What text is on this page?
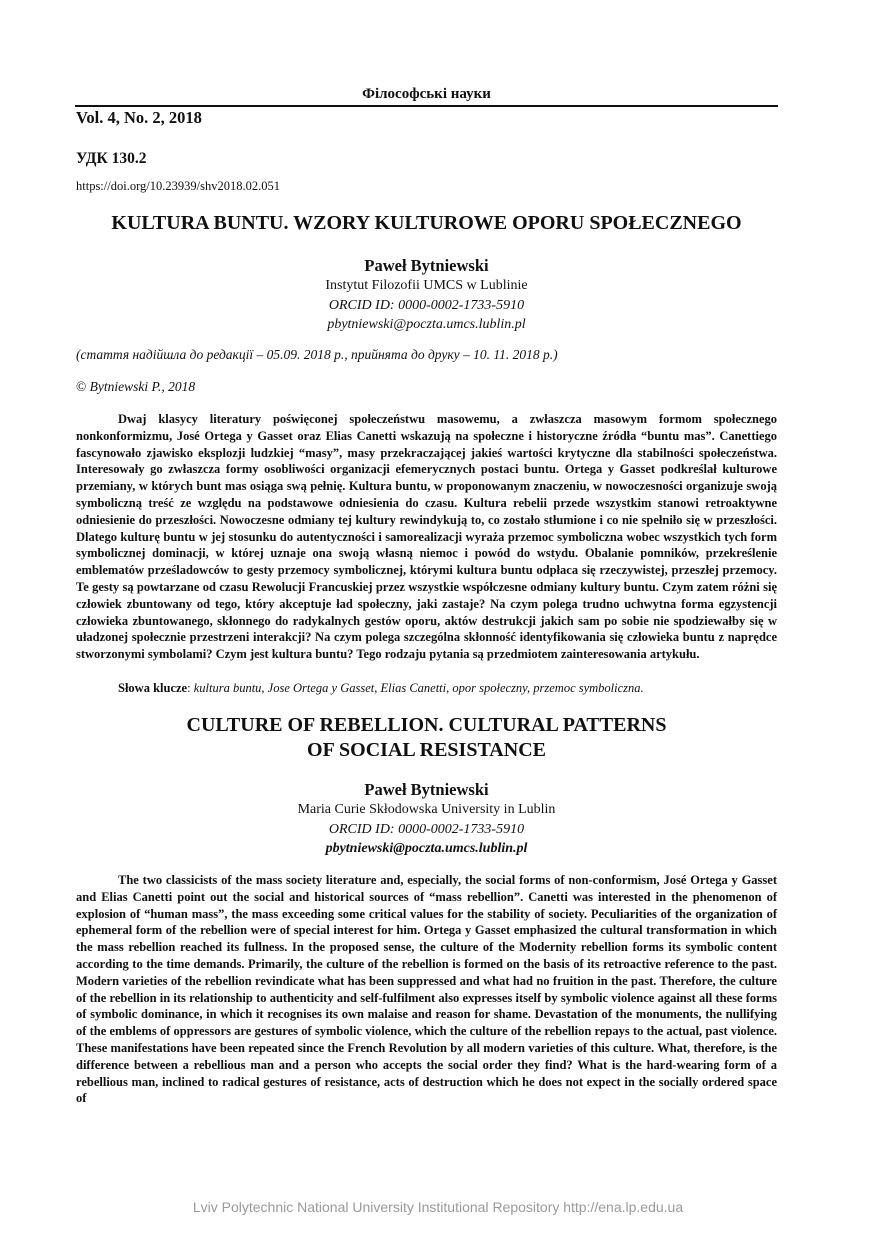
Філософські науки
Vol. 4, No. 2, 2018
УДК 130.2
https://doi.org/10.23939/shv2018.02.051
KULTURA BUNTU. WZORY KULTUROWE OPORU SPOŁECZNEGO
Paweł Bytniewski
Instytut Filozofii UMCS w Lublinie
ORCID ID: 0000-0002-1733-5910
pbytniewski@poczta.umcs.lublin.pl
(стаття надійшла до редакції – 05.09. 2018 р., прийнята до друку – 10. 11. 2018 р.)
© Bytniewski P., 2018

Dwaj klasycy literatury poświęconej społeczeństwu masowemu, a zwłaszcza masowym formom społecznego nonkonformizmu, José Ortega y Gasset oraz Elias Canetti wskazują na społeczne i historyczne źródła “buntu mas”. Canettiego fascynowało zjawisko eksplozji ludzkiej “masy”, masy przekraczającej jakieś wartości krytyczne dla stabilności społeczeństwa. Interesowały go zwłaszcza formy osobliwości organizacji efemerycznych postaci buntu. Ortega y Gasset podkreślał kulturowe przemiany, w których bunt mas osiąga swą pełnię. Kultura buntu, w proponowanym znaczeniu, w nowoczesności organizuje swoją symboliczną treść ze względu na podstawowe odniesienia do czasu. Kultura rebelii przede wszystkim stanowi retroaktywne odniesienie do przeszłości. Nowoczesne odmiany tej kultury rewindykują to, co zostało stłumione i co nie spełniło się w przeszłości. Dlatego kulturę buntu w jej stosunku do autentyczności i samorealizacji wyraża przemoc symboliczna wobec wszystkich tych form symbolicznej dominacji, w której uznaje ona swoją własną niemoc i powód do wstydu. Obalanie pomników, przekreślenie emblematów prześladowców to gesty przemocy symbolicznej, którymi kultura buntu odpłaca się rzeczywistej, przeszłej przemocy. Te gesty są powtarzane od czasu Rewolucji Francuskiej przez wszystkie współczesne odmiany kultury buntu. Czym zatem różni się człowiek zbuntowany od tego, który akceptuje ład społeczny, jaki zastaje? Na czym polega trudno uchwytna forma egzystencji człowieka zbuntowanego, skłonnego do radykalnych gestów oporu, aktów destrukcji jakich sam po sobie nie spodziewałby się w uładzonej społecznie przestrzeni interakcji? Na czym polega szczególna skłonność identyfikowania się człowieka buntu z naprędce stworzonymi symbolami? Czym jest kultura buntu? Tego rodzaju pytania są przedmiotem zainteresowania artykułu.

Słowa klucze: kultura buntu, Jose Ortega y Gasset, Elias Canetti, opor społeczny, przemoc symboliczna.
CULTURE OF REBELLION. CULTURAL PATTERNS
OF SOCIAL RESISTANCE
Paweł Bytniewski
Maria Curie Skłodowska University in Lublin
ORCID ID: 0000-0002-1733-5910
pbytniewski@poczta.umcs.lublin.pl

The two classicists of the mass society literature and, especially, the social forms of non-conformism, José Ortega y Gasset and Elias Canetti point out the social and historical sources of “mass rebellion”. Canetti was interested in the phenomenon of explosion of “human mass”, the mass exceeding some critical values for the stability of society. Peculiarities of the organization of ephemeral form of the rebellion were of special interest for him. Ortega y Gasset emphasized the cultural transformation in which the mass rebellion reached its fullness. In the proposed sense, the culture of the Modernity rebellion forms its symbolic content according to the time demands. Primarily, the culture of the rebellion is formed on the basis of its retroactive reference to the past. Modern varieties of the rebellion revindicate what has been suppressed and what had no fruition in the past. Therefore, the culture of the rebellion in its relationship to authenticity and self-fulfilment also expresses itself by symbolic violence against all these forms of symbolic dominance, in which it recognises its own malaise and reason for shame. Devastation of the monuments, the nullifying of the emblems of oppressors are gestures of symbolic violence, which the culture of the rebellion repays to the actual, past violence. These manifestations have been repeated since the French Revolution by all modern varieties of this culture. What, therefore, is the difference between a rebellious man and a person who accepts the social order they find? What is the hard-wearing form of a rebellious man, inclined to radical gestures of resistance, acts of destruction which he does not expect in the socially ordered space of

Lviv Polytechnic National University Institutional Repository http://ena.lp.edu.ua
